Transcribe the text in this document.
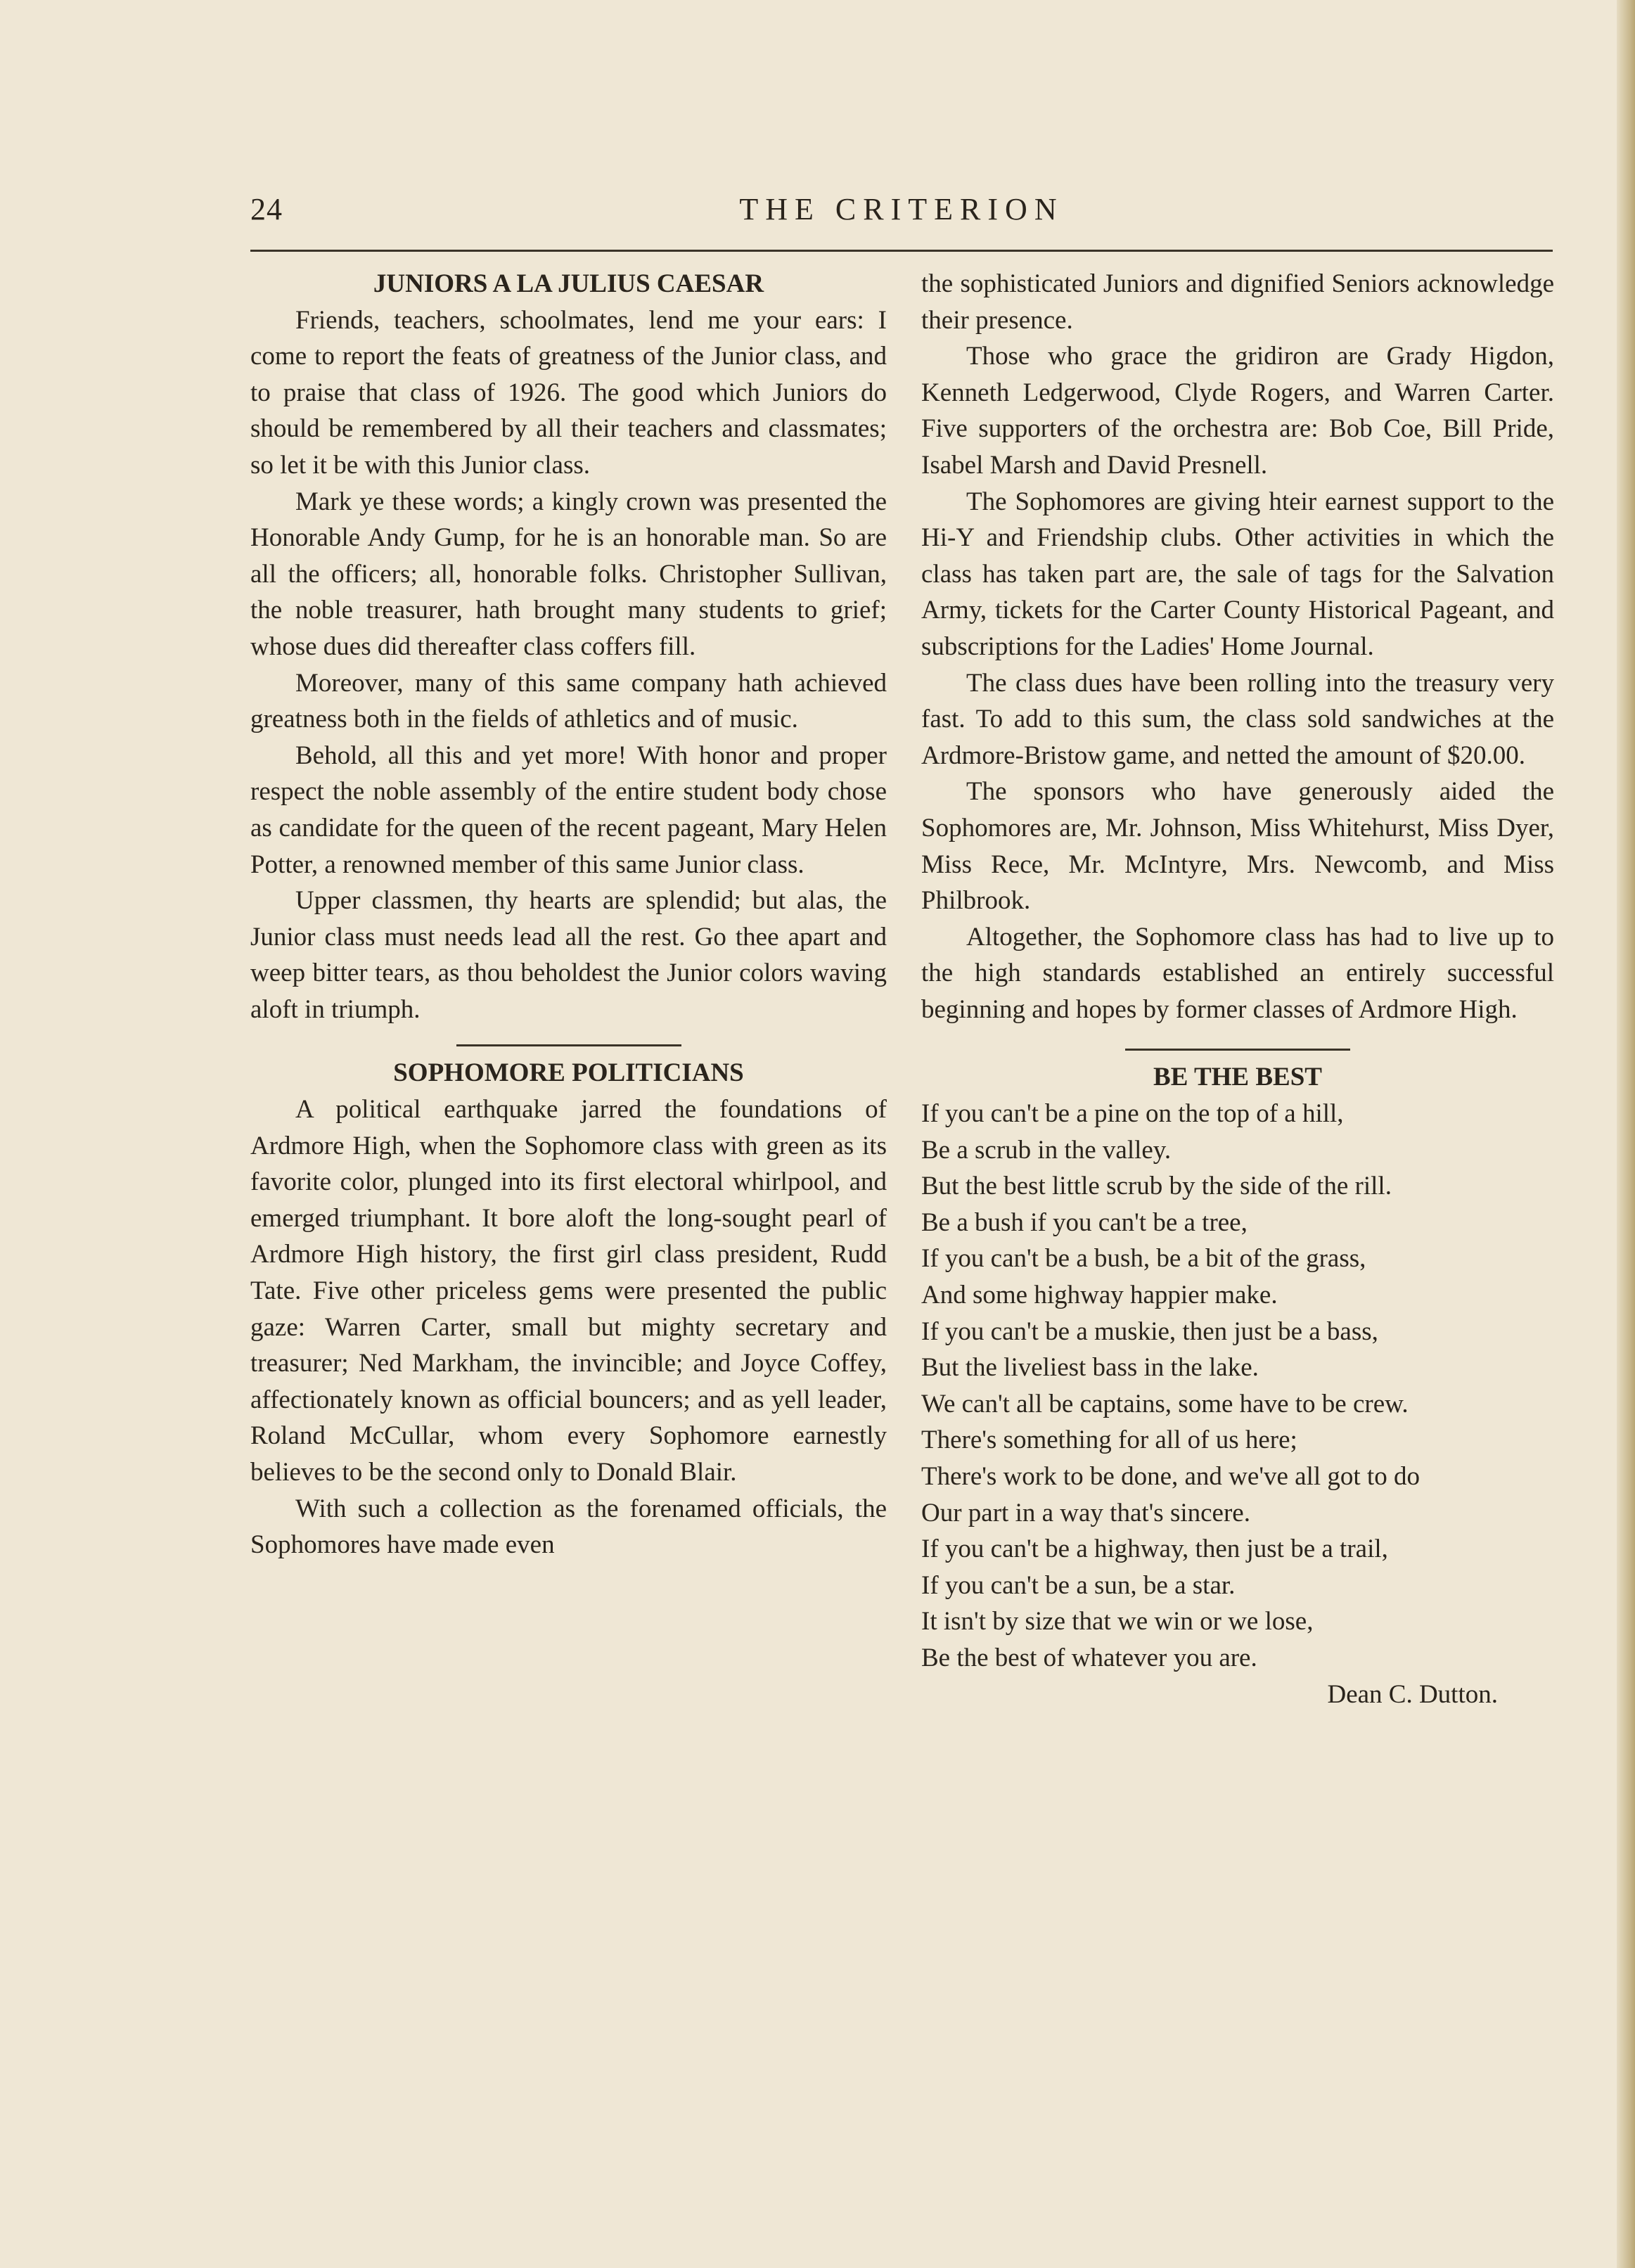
24	THE CRITERION
JUNIORS A LA JULIUS CAESAR

Friends, teachers, schoolmates, lend me your ears: I come to report the feats of greatness of the Junior class, and to praise that class of 1926. The good which Juniors do should be remembered by all their teachers and classmates; so let it be with this Junior class.

Mark ye these words; a kingly crown was presented the Honorable Andy Gump, for he is an honorable man. So are all the officers; all, honorable folks. Christopher Sullivan, the noble treasurer, hath brought many students to grief; whose dues did thereafter class coffers fill.

Moreover, many of this same company hath achieved greatness both in the fields of athletics and of music.

Behold, all this and yet more! With honor and proper respect the noble assembly of the entire student body chose as candidate for the queen of the recent pageant, Mary Helen Potter, a renowned member of this same Junior class.

Upper classmen, thy hearts are splendid; but alas, the Junior class must needs lead all the rest. Go thee apart and weep bitter tears, as thou beholdest the Junior colors waving aloft in triumph.

SOPHOMORE POLITICIANS

A political earthquake jarred the foundations of Ardmore High, when the Sophomore class with green as its favorite color, plunged into its first electoral whirlpool, and emerged triumphant. It bore aloft the long-sought pearl of Ardmore High history, the first girl class president, Rudd Tate. Five other priceless gems were presented the public gaze: Warren Carter, small but mighty secretary and treasurer; Ned Markham, the invincible; and Joyce Coffey, affectionately known as official bouncers; and as yell leader, Roland McCullar, whom every Sophomore earnestly believes to be the second only to Donald Blair.

With such a collection as the forenamed officials, the Sophomores have made even

the sophisticated Juniors and dignified Seniors acknowledge their presence.

Those who grace the gridiron are Grady Higdon, Kenneth Ledgerwood, Clyde Rogers, and Warren Carter. Five supporters of the orchestra are: Bob Coe, Bill Pride, Isabel Marsh and David Presnell.

The Sophomores are giving hteir earnest support to the Hi-Y and Friendship clubs. Other activities in which the class has taken part are, the sale of tags for the Salvation Army, tickets for the Carter County Historical Pageant, and subscriptions for the Ladies' Home Journal.

The class dues have been rolling into the treasury very fast. To add to this sum, the class sold sandwiches at the Ardmore-Bristow game, and netted the amount of $20.00.

The sponsors who have generously aided the Sophomores are, Mr. Johnson, Miss Whitehurst, Miss Dyer, Miss Rece, Mr. McIntyre, Mrs. Newcomb, and Miss Philbrook.

Altogether, the Sophomore class has had to live up to the high standards established an entirely successful beginning and hopes by former classes of Ardmore High.

BE THE BEST

If you can't be a pine on the top of a hill,

Be a scrub in the valley.

But the best little scrub by the side of the rill.

Be a bush if you can't be a tree,

If you can't be a bush, be a bit of the grass,

And some highway happier make.

If you can't be a muskie, then just be a bass,

But the liveliest bass in the lake.

We can't all be captains, some have to be crew.

There's something for all of us here;

There's work to be done, and we've all got to do

Our part in a way that's sincere.

If you can't be a highway, then just be a trail,

If you can't be a sun, be a star.

It isn't by size that we win or we lose,

Be the best of whatever you are.

Dean C. Dutton.
